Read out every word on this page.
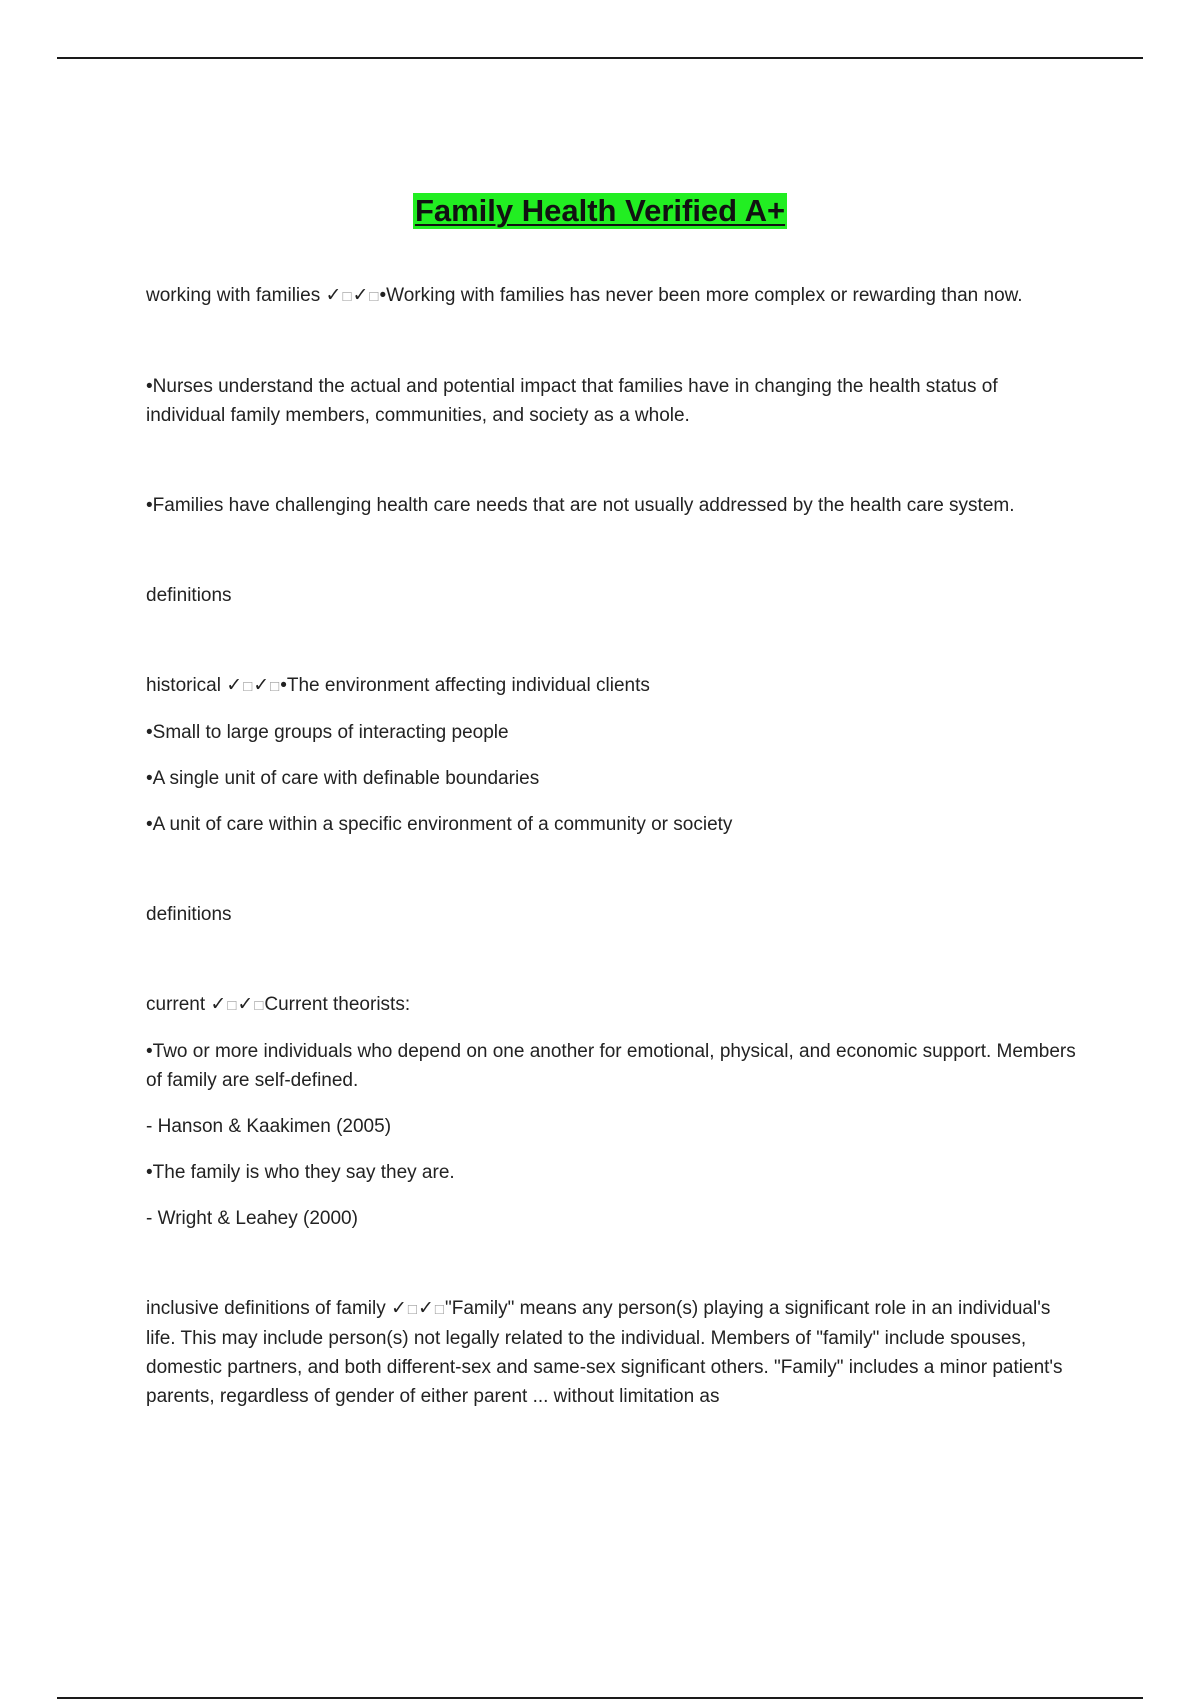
Family Health Verified A+

working with families ✓□✓□•Working with families has never been more complex or rewarding than now.

•Nurses understand the actual and potential impact that families have in changing the health status of individual family members, communities, and society as a whole.

•Families have challenging health care needs that are not usually addressed by the health care system.

definitions

historical ✓□✓□•The environment affecting individual clients

•Small to large groups of interacting people

•A single unit of care with definable boundaries

•A unit of care within a specific environment of a community or society

definitions

current ✓□✓□Current theorists:

•Two or more individuals who depend on one another for emotional, physical, and economic support. Members of family are self-defined.

- Hanson & Kaakimen (2005)

•The family is who they say they are.

- Wright & Leahey (2000)

inclusive definitions of family ✓□✓□"Family" means any person(s) playing a significant role in an individual's life. This may include person(s) not legally related to the individual. Members of "family" include spouses, domestic partners, and both different-sex and same-sex significant others. "Family" includes a minor patient's parents, regardless of gender of either parent ... without limitation as
